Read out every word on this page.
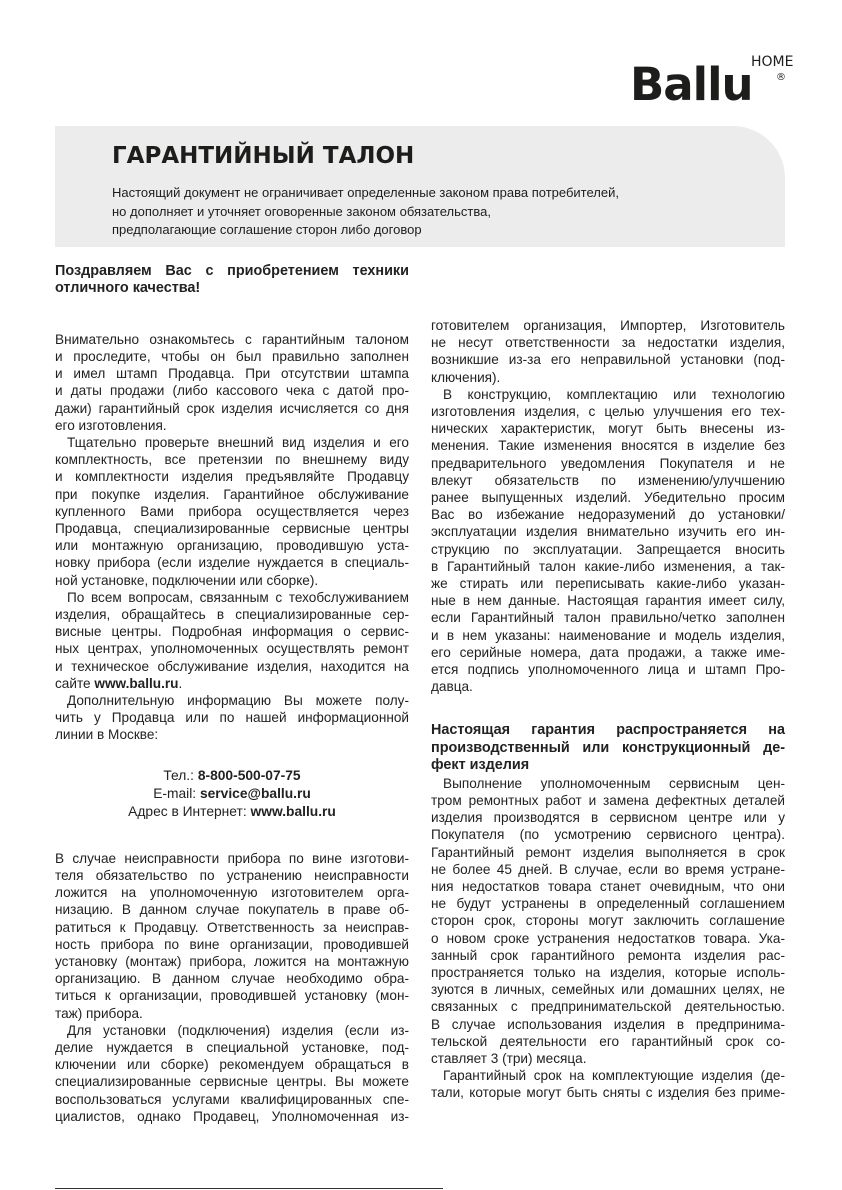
Ballu
HOME
®
ГАРАНТИЙНЫЙ ТАЛОН
Настоящий документ не ограничивает определенные законом права потребителей,
но дополняет и уточняет оговоренные законом обязательства,
предполагающие соглашение сторон либо договор

Поздравляем Вас с приобретением техники отличного качества!

Внимательно ознакомьтесь с гарантийным талоном
и проследите, чтобы он был правильно заполнен
и имел штамп Продавца. При отсутствии штампа
и даты продажи (либо кассового чека с датой про-
дажи) гарантийный срок изделия исчисляется со дня
его изготовления.
Тщательно проверьте внешний вид изделия и его
комплектность, все претензии по внешнему виду
и комплектности изделия предъявляйте Продавцу
при покупке изделия. Гарантийное обслуживание
купленного Вами прибора осуществляется через
Продавца, специализированные сервисные центры
или монтажную организацию, проводившую уста-
новку прибора (если изделие нуждается в специаль-
ной установке, подключении или сборке).
По всем вопросам, связанным с техобслуживанием
изделия, обращайтесь в специализированные сер-
висные центры. Подробная информация о сервис-
ных центрах, уполномоченных осуществлять ремонт
и техническое обслуживание изделия, находится на
сайте www.ballu.ru.
Дополнительную информацию Вы можете полу-
чить у Продавца или по нашей информационной
линии в Москве:
Тел.: 8-800-500-07-75
E-mail: service@ballu.ru
Адрес в Интернет: www.ballu.ru
В случае неисправности прибора по вине изготови-
теля обязательство по устранению неисправности
ложится на уполномоченную изготовителем орга-
низацию. В данном случае покупатель в праве об-
ратиться к Продавцу. Ответственность за неисправ-
ность прибора по вине организации, проводившей
установку (монтаж) прибора, ложится на монтажную
организацию. В данном случае необходимо обра-
титься к организации, проводившей установку (мон-
таж) прибора.
Для установки (подключения) изделия (если из-
делие нуждается в специальной установке, под-
ключении или сборке) рекомендуем обращаться в
специализированные сервисные центры. Вы можете
воспользоваться услугами квалифицированных спе-
циалистов, однако Продавец, Уполномоченная из-
готовителем организация, Импортер, Изготовитель
не несут ответственности за недостатки изделия,
возникшие из-за его неправильной установки (под-
ключения).
В конструкцию, комплектацию или технологию
изготовления изделия, с целью улучшения его тех-
нических характеристик, могут быть внесены из-
менения. Такие изменения вносятся в изделие без
предварительного уведомления Покупателя и не
влекут обязательств по изменению/улучшению
ранее выпущенных изделий. Убедительно просим
Вас во избежание недоразумений до установки/
эксплуатации изделия внимательно изучить его ин-
струкцию по эксплуатации. Запрещается вносить
в Гарантийный талон какие-либо изменения, а так-
же стирать или переписывать какие-либо указан-
ные в нем данные. Настоящая гарантия имеет силу,
если Гарантийный талон правильно/четко заполнен
и в нем указаны: наименование и модель изделия,
его серийные номера, дата продажи, а также име-
ется подпись уполномоченного лица и штамп Про-
давца.
Настоящая гарантия распространяется на
производственный или конструкционный де-
фект изделия
Выполнение уполномоченным сервисным цен-
тром ремонтных работ и замена дефектных деталей
изделия производятся в сервисном центре или у
Покупателя (по усмотрению сервисного центра).
Гарантийный ремонт изделия выполняется в срок
не более 45 дней. В случае, если во время устране-
ния недостатков товара станет очевидным, что они
не будут устранены в определенный соглашением
сторон срок, стороны могут заключить соглашение
о новом сроке устранения недостатков товара. Ука-
занный срок гарантийного ремонта изделия рас-
пространяется только на изделия, которые исполь-
зуются в личных, семейных или домашних целях, не
связанных с предпринимательской деятельностью.
В случае использования изделия в предпринима-
тельской деятельности его гарантийный срок со-
ставляет 3 (три) месяца.
Гарантийный срок на комплектующие изделия (де-
тали, которые могут быть сняты с изделия без приме-
